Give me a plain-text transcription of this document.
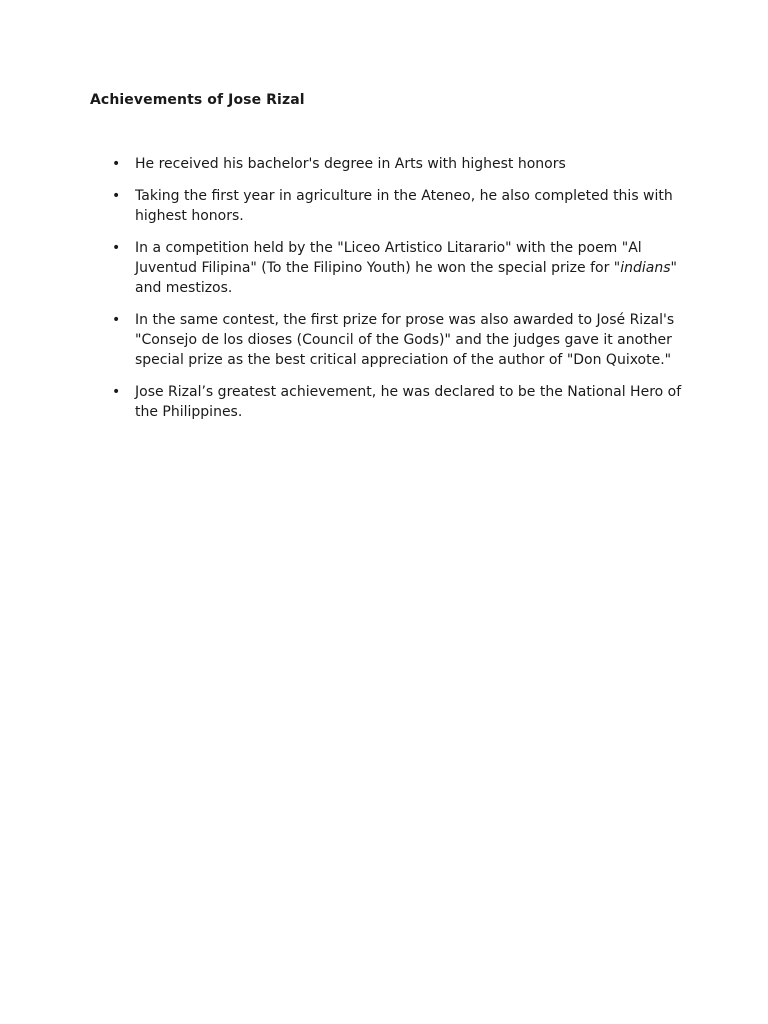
Achievements of Jose Rizal
• He received his bachelor's degree in Arts with highest honors
• Taking the first year in agriculture in the Ateneo, he also completed this with highest honors.
• In a competition held by the "Liceo Artistico Litarario" with the poem "Al Juventud Filipina" (To the Filipino Youth) he won the special prize for "indians" and mestizos.
• In the same contest, the first prize for prose was also awarded to José Rizal's "Consejo de los dioses (Council of the Gods)" and the judges gave it another special prize as the best critical appreciation of the author of "Don Quixote."
• Jose Rizal’s greatest achievement, he was declared to be the National Hero of the Philippines.
